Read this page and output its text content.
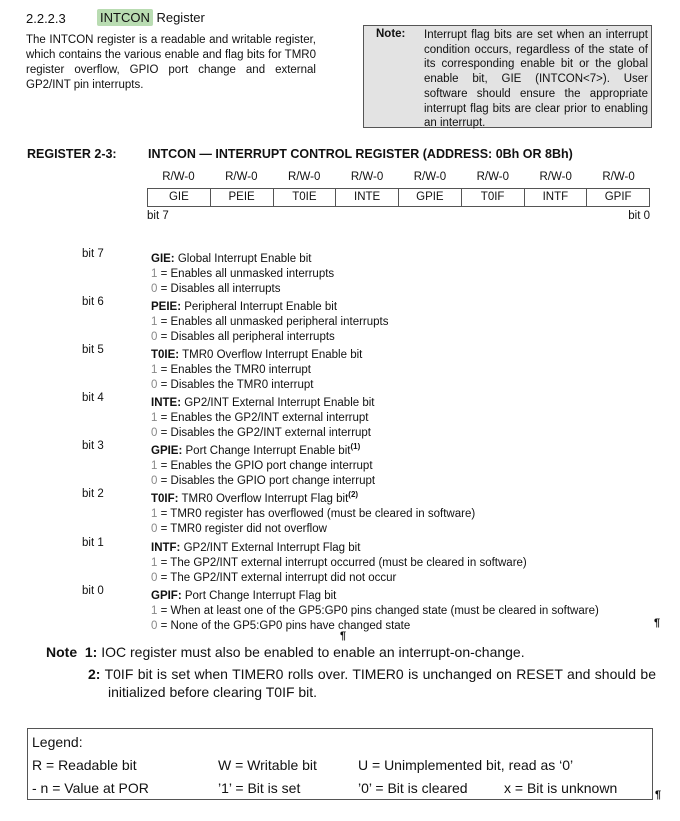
2.2.2.3	INTCON Register
The INTCON register is a readable and writable register, which contains the various enable and flag bits for TMR0 register overflow, GPIO port change and external GP2/INT pin interrupts.
Note: Interrupt flag bits are set when an interrupt condition occurs, regardless of the state of its corresponding enable bit or the global enable bit, GIE (INTCON<7>). User software should ensure the appropriate interrupt flag bits are clear prior to enabling an interrupt.
REGISTER 2-3:	INTCON — INTERRUPT CONTROL REGISTER (ADDRESS: 0Bh OR 8Bh)
R/W-0	R/W-0	R/W-0	R/W-0	R/W-0	R/W-0	R/W-0	R/W-0
GIE	PEIE	T0IE	INTE	GPIE	T0IF	INTF	GPIF
bit 7	bit 0
bit 7	GIE: Global Interrupt Enable bit
1 = Enables all unmasked interrupts
0 = Disables all interrupts
bit 6	PEIE: Peripheral Interrupt Enable bit
1 = Enables all unmasked peripheral interrupts
0 = Disables all peripheral interrupts
bit 5	T0IE: TMR0 Overflow Interrupt Enable bit
1 = Enables the TMR0 interrupt
0 = Disables the TMR0 interrupt
bit 4	INTE: GP2/INT External Interrupt Enable bit
1 = Enables the GP2/INT external interrupt
0 = Disables the GP2/INT external interrupt
bit 3	GPIE: Port Change Interrupt Enable bit$^{(1)}$
1 = Enables the GPIO port change interrupt
0 = Disables the GPIO port change interrupt
bit 2	T0IF: TMR0 Overflow Interrupt Flag bit$^{(2)}$
1 = TMR0 register has overflowed (must be cleared in software)
0 = TMR0 register did not overflow
bit 1	INTF: GP2/INT External Interrupt Flag bit
1 = The GP2/INT external interrupt occurred (must be cleared in software)
0 = The GP2/INT external interrupt did not occur
bit 0	GPIF: Port Change Interrupt Flag bit
1 = When at least one of the GP5:GP0 pins changed state (must be cleared in software)
0 = None of the GP5:GP0 pins have changed state	¶
¶
Note  1: IOC register must also be enabled to enable an interrupt-on-change.
2: T0IF bit is set when TIMER0 rolls over. TIMER0 is unchanged on RESET and should be initialized before clearing T0IF bit.
Legend:
R = Readable bit	W = Writable bit	U = Unimplemented bit, read as ‘0’
- n = Value at POR	’1’ = Bit is set	’0’ = Bit is cleared	x = Bit is unknown	¶
